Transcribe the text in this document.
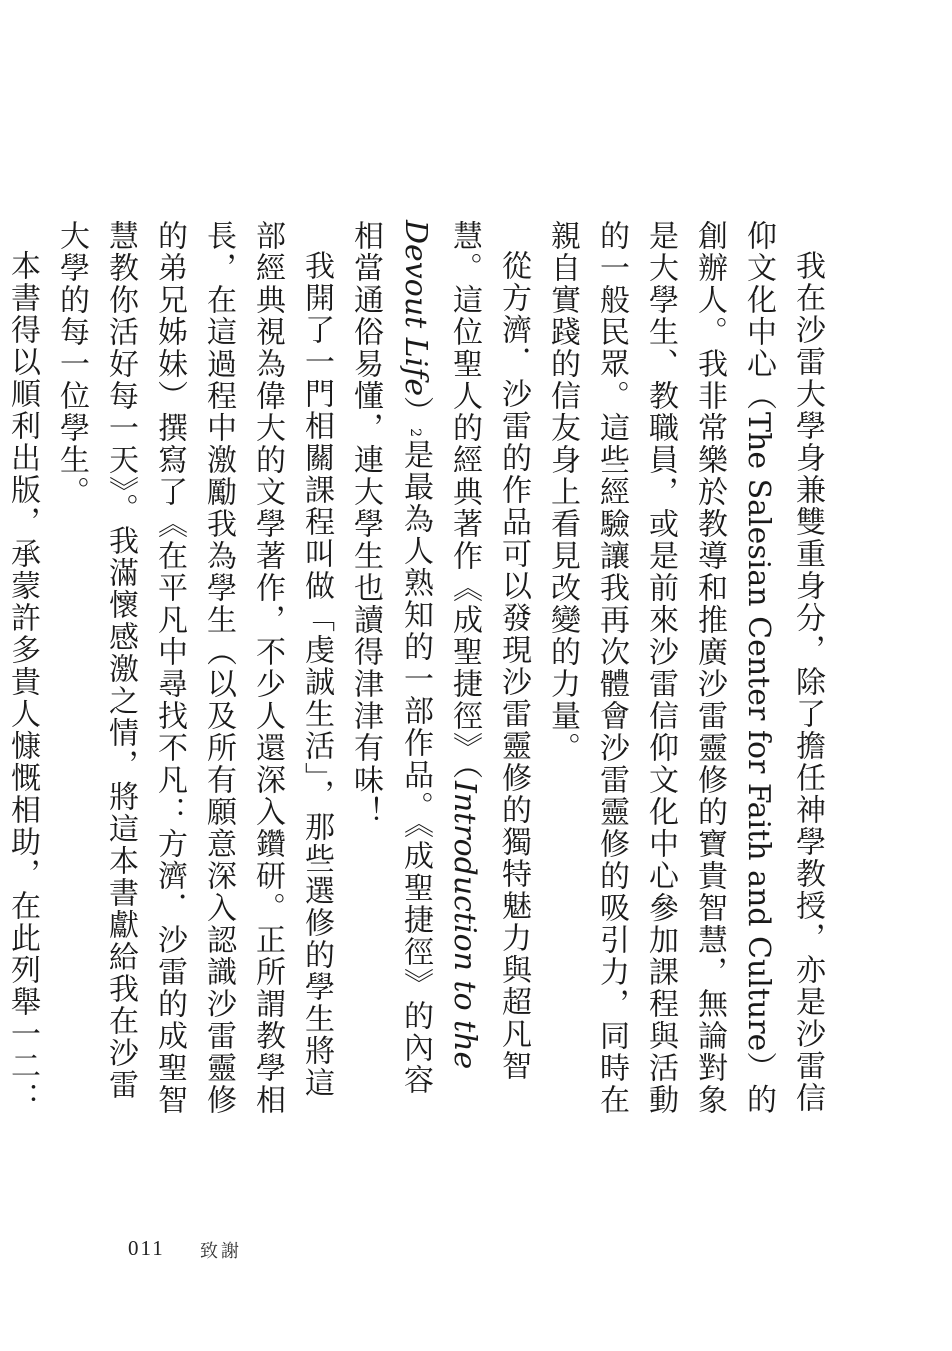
我在沙雷大學身兼雙重身分，除了擔任神學教授，亦是沙雷信仰文化中心（The Salesian Center for Faith and Culture）的創辦人。我非常樂於教導和推廣沙雷靈修的寶貴智慧，無論對象是大學生、教職員，或是前來沙雷信仰文化中心參加課程與活動的一般民眾。這些經驗讓我再次體會沙雷靈修的吸引力，同時在親自實踐的信友身上看見改變的力量。

從方濟．沙雷的作品可以發現沙雷靈修的獨特魅力與超凡智慧。這位聖人的經典著作《成聖捷徑》（Introduction to the Devout Life）2是最為人熟知的一部作品。《成聖捷徑》的內容相當通俗易懂，連大學生也讀得津津有味！

我開了一門相關課程叫做「虔誠生活」，那些選修的學生將這部經典視為偉大的文學著作，不少人還深入鑽研。正所謂教學相長，在這過程中激勵我為學生（以及所有願意深入認識沙雷靈修的弟兄姊妹）撰寫了《在平凡中尋找不凡：方濟．沙雷的成聖智慧教你活好每一天》。我滿懷感激之情，將這本書獻給我在沙雷大學的每一位學生。

本書得以順利出版，承蒙許多貴人慷慨相助，在此列舉一二：

011 致謝
